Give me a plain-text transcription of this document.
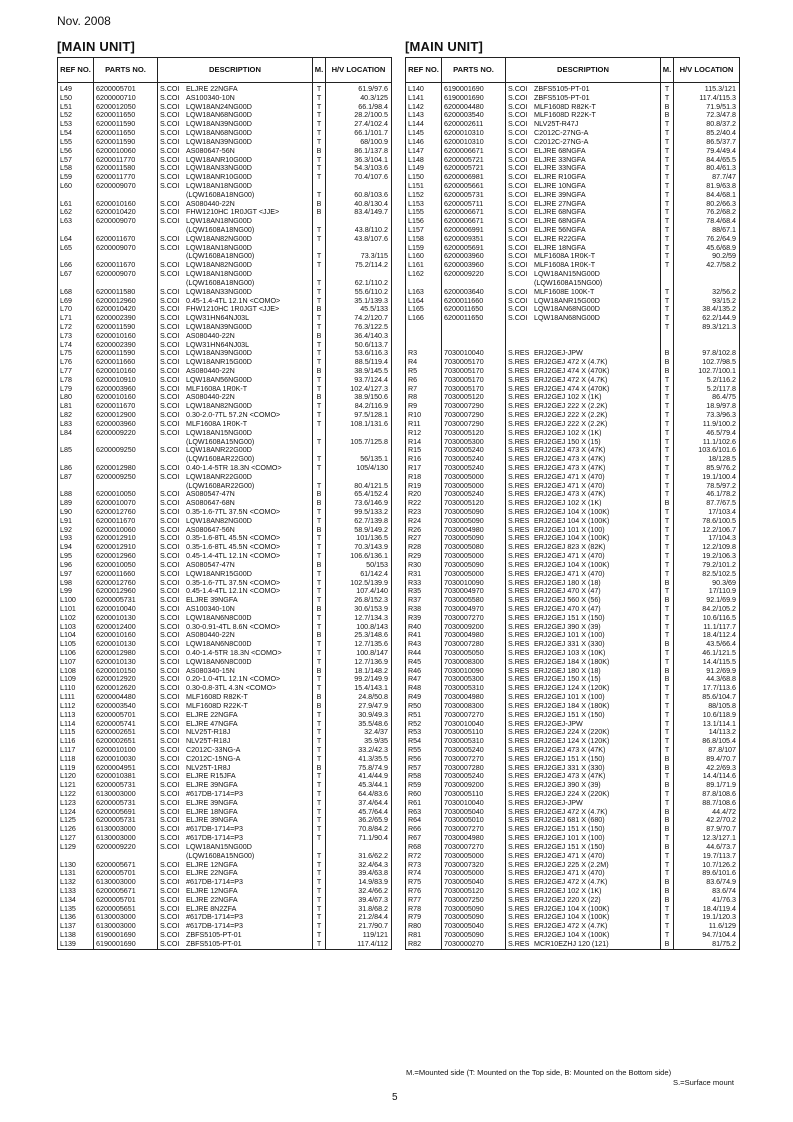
Nov. 2008
[MAIN UNIT]	[MAIN UNIT]
REF NO.	PARTS NO.	DESCRIPTION	M.	H/V LOCATION
L49	6200005701	S.COI ELJRE 22NGFA	T	61.9/97.6
L50	6200000710	S.COI AS100340-10N	T	40.3/125
L51	6200012050	S.COI LQW18AN24NG00D	T	66.1/98.4
L52	6200011650	S.COI LQW18AN68NG00D	T	28.2/100.5
L53	6200011590	S.COI LQW18AN39NG00D	T	27.4/102.4
L54	6200011650	S.COI LQW18AN68NG00D	T	66.1/101.7
L55	6200011590	S.COI LQW18AN39NG00D	T	68/100.9
L56	6200010060	S.COI AS080647-56N	B	86.1/137.8
L57	6200011770	S.COI LQW18ANR10G00D	T	36.3/104.1
L58	6200011580	S.COI LQW18AN33NG00D	T	54.3/103.6
L59	6200011770	S.COI LQW18ANR10G00D	T	70.4/107.6
L60	6200009070	S.COI LQW18AN18NG00D		
		(LQW1608A18NG00)	T	60.8/103.6
L61	6200010160	S.COI AS080440-22N	B	40.8/130.4
L62	6200010420	S.COI FHW1210HC 1R0JGT <JJE>	B	83.4/149.7
L63	6200009070	S.COI LQW18AN18NG00D		
		(LQW1608A18NG00)	T	43.8/110.2
L64	6200011670	S.COI LQW18AN82NG00D	T	43.8/107.6
L65	6200009070	S.COI LQW18AN18NG00D		
		(LQW1608A18NG00)	T	73.3/115
L66	6200011670	S.COI LQW18AN82NG00D	T	75.2/114.2
L67	6200009070	S.COI LQW18AN18NG00D		
		(LQW1608A18NG00)	T	62.1/110.2
L68	6200011580	S.COI LQW18AN33NG00D	T	55.6/110.2
L69	6200012960	S.COI 0.45-1.4-4TL 12.1N <COMO>	T	35.1/139.3
L70	6200010420	S.COI FHW1210HC 1R0JGT <JJE>	B	45.5/133
L71	6200002390	S.COI LQW31HN64NJ03L	T	74.2/120.7
L72	6200011590	S.COI LQW18AN39NG00D	T	76.3/122.5
L73	6200010160	S.COI AS080440-22N	B	36.4/140.3
L74	6200002390	S.COI LQW31HN64NJ03L	T	50.6/113.7
L75	6200011590	S.COI LQW18AN39NG00D	T	53.6/116.3
L76	6200011660	S.COI LQW18ANR15G00D	T	88.5/119.4
L77	6200010160	S.COI AS080440-22N	B	38.9/145.5
L78	6200010910	S.COI LQW18AN56NG00D	T	93.7/124.4
L79	6200003960	S.COI MLF1608A 1R0K-T	T	102.4/127.3
L80	6200010160	S.COI AS080440-22N	B	38.9/150.6
L81	6200011670	S.COI LQW18AN82NG00D	T	84.2/116.9
L82	6200012900	S.COI 0.30-2.0-7TL 57.2N <COMO>	T	97.5/128.1
L83	6200003960	S.COI MLF1608A 1R0K-T	T	108.1/131.6
L84	6200009220	S.COI LQW18AN15NG00D		
		(LQW1608A15NG00)	T	105.7/125.8
L85	6200009250	S.COI LQW18ANR22G00D		
		(LQW1608AR22G00)	T	56/135.1
L86	6200012980	S.COI 0.40-1.4-5TR 18.3N <COMO>	T	105/4/130
L87	6200009250	S.COI LQW18ANR22G00D		
		(LQW1608AR22G00)	T	80.4/121.5
L88	6200010050	S.COI AS080547-47N	B	65.4/152.4
L89	6200010070	S.COI AS080647-68N	B	73.6/146.9
L90	6200012760	S.COI 0.35-1.6-7TL 37.5N <COMO>	T	99.5/133.2
L91	6200011670	S.COI LQW18AN82NG00D	T	62.7/139.8
L92	6200010060	S.COI AS080647-56N	B	58.9/149.2
L93	6200012910	S.COI 0.35-1.6-8TL 45.5N <COMO>	T	101/136.5
L94	6200012910	S.COI 0.35-1.6-8TL 45.5N <COMO>	T	70.3/143.9
L95	6200012960	S.COI 0.45-1.4-4TL 12.1N <COMO>	T	106.6/136.1
L96	6200010050	S.COI AS080547-47N	B	50/153
L97	6200011660	S.COI LQW18ANR15G00D	T	61/142.4
L98	6200012760	S.COI 0.35-1.6-7TL 37.5N <COMO>	T	102.5/139.9
L99	6200012960	S.COI 0.45-1.4-4TL 12.1N <COMO>	T	107.4/140
L100	6200005731	S.COI ELJRE 39NGFA	T	26.8/152.3
L101	6200010040	S.COI AS100340-10N	B	30.6/153.9
L102	6200010130	S.COI LQW18AN6N8C00D	T	12.7/134.3
L103	6200012400	S.COI 0.30-0.91-4TL 8.6N <COMO>	T	100.8/143
L104	6200010160	S.COI AS080440-22N	B	25.3/148.6
L105	6200010130	S.COI LQW18AN6N8C00D	T	12.7/135.6
L106	6200012980	S.COI 0.40-1.4-5TR 18.3N <COMO>	T	100.8/147
L107	6200010130	S.COI LQW18AN6N8C00D	T	12.7/136.9
L108	6200010150	S.COI AS080340-15N	B	18.1/148.2
L109	6200012920	S.COI 0.20-1.0-4TL 12.1N <COMO>	T	99.2/149.9
L110	6200012620	S.COI 0.30-0.8-3TL 4.3N <COMO>	T	15.4/143.1
L111	6200004480	S.COI MLF1608D R82K-T	B	24.8/50.8
L112	6200003540	S.COI MLF1608D R22K-T	B	27.9/47.9
L113	6200005701	S.COI ELJRE 22NGFA	T	30.9/49.3
L114	6200005741	S.COI ELJRE 47NGFA	T	35.5/48.6
L115	6200002651	S.COI NLV25T-R18J	T	32.4/37
L116	6200002651	S.COI NLV25T-R18J	T	35.9/35
L117	6200010100	S.COI C2012C-33NG-A	T	33.2/42.3
L118	6200010030	S.COI C2012C-15NG-A	T	41.3/35.5
L119	6200004951	S.COI NLV25T-1R8J	B	75.8/74.9
L120	6200010381	S.COI ELJRE R15JFA	T	41.4/44.9
L121	6200005731	S.COI ELJRE 39NGFA	T	45.3/44.1
L122	6130003000	S.COI #617DB-1714=P3	T	64.4/83.6
L123	6200005731	S.COI ELJRE 39NGFA	T	37.4/64.4
L124	6200005691	S.COI ELJRE 18NGFA	T	45.7/64.4
L125	6200005731	S.COI ELJRE 39NGFA	T	36.2/65.9
L126	6130003000	S.COI #617DB-1714=P3	T	70.8/84.2
L127	6130003000	S.COI #617DB-1714=P3	T	71.1/90.4
L129	6200009220	S.COI LQW18AN15NG00D		
		(LQW1608A15NG00)	T	31.6/62.2
L130	6200005671	S.COI ELJRE 12NGFA	T	32.4/64.3
L131	6200005701	S.COI ELJRE 22NGFA	T	39.4/63.8
L132	6130003000	S.COI #617DB-1714=P3	T	14.9/83.9
L133	6200005671	S.COI ELJRE 12NGFA	T	32.4/66.2
L134	6200005701	S.COI ELJRE 22NGFA	T	39.4/67.3
L135	6200005651	S.COI ELJRE 8N2ZFA	T	31.8/68.2
L136	6130003000	S.COI #617DB-1714=P3	T	21.2/84.4
L137	6130003000	S.COI #617DB-1714=P3	T	21.7/90.7
L138	6190001690	S.COI ZBFS5105-PT-01	T	119/121
L139	6190001690	S.COI ZBFS5105-PT-01	T	117.4/112
REF NO.	PARTS NO.	DESCRIPTION	M.	H/V LOCATION
L140	6190001690	S.COI ZBFS5105-PT-01	T	115.3/121
L141	6190001690	S.COI ZBFS5105-PT-01	T	117.4/115.3
L142	6200004480	S.COI MLF1608D R82K-T	B	71.9/51.3
L143	6200003540	S.COI MLF1608D R22K-T	B	72.3/47.8
L144	6200002611	S.COI NLV25T-R47J	T	80.8/37.2
L145	6200010310	S.COI C2012C-27NG-A	T	85.2/40.4
L146	6200010310	S.COI C2012C-27NG-A	T	86.5/37.7
L147	6200006671	S.COI ELJRE 68NGFA	T	79.4/49.4
L148	6200005721	S.COI ELJRE 33NGFA	T	84.4/65.5
L149	6200005721	S.COI ELJRE 33NGFA	T	80.4/61.3
L150	6200006981	S.COI ELJRE R10GFA	T	87.7/47
L151	6200005661	S.COI ELJRE 10NGFA	T	81.9/63.8
L152	6200005731	S.COI ELJRE 39NGFA	T	84.4/68.1
L153	6200005711	S.COI ELJRE 27NGFA	T	80.2/66.3
L155	6200006671	S.COI ELJRE 68NGFA	T	76.2/68.2
L156	6200006671	S.COI ELJRE 68NGFA	T	78.4/68.4
L157	6200006991	S.COI ELJRE 56NGFA	T	88/67.1
L158	6200009351	S.COI ELJRE R22GFA	T	76.2/64.9
L159	6200005691	S.COI ELJRE 18NGFA	T	45.6/68.9
L160	6200003960	S.COI MLF1608A 1R0K-T	T	90.2/59
L161	6200003960	S.COI MLF1608A 1R0K-T	T	42.7/58.2
L162	6200009220	S.COI LQW18AN15NG00D		
		(LQW1608A15NG00)		
L163	6200003640	S.COI MLF1608E 100K-T	T	32/56.2
L164	6200011660	S.COI LQW18ANR15G00D	T	93/15.2
L165	6200011650	S.COI LQW18AN68NG00D	T	38.4/135.2
L166	6200011650	S.COI LQW18AN68NG00D	T	62.2/144.9
			T	89.3/121.3

R3	7030010040	S.RES ERJ2GEJ-JPW	B	97.8/102.8
R4	7030005170	S.RES ERJ2GEJ 472 X (4.7K)	B	102.7/98.5
R5	7030005170	S.RES ERJ2GEJ 474 X (470K)	B	102.7/100.1
R6	7030005170	S.RES ERJ2GEJ 472 X (4.7K)	T	5.2/116.2
R7	7030005170	S.RES ERJ2GEJ 474 X (470K)	T	5.2/117.8
R8	7030005120	S.RES ERJ2GEJ 102 X (1K)	T	86.4/75
R9	7030007290	S.RES ERJ2GEJ 222 X (2.2K)	T	18.9/97.8
R10	7030007290	S.RES ERJ2GEJ 222 X (2.2K)	T	73.3/96.3
R11	7030007290	S.RES ERJ2GEJ 222 X (2.2K)	T	11.9/100.2
R12	7030005120	S.RES ERJ2GEJ 102 X (1K)	T	46.5/79.4
R14	7030005300	S.RES ERJ2GEJ 150 X (15)	T	11.1/102.6
R15	7030005240	S.RES ERJ2GEJ 473 X (47K)	T	103.6/101.6
R16	7030005240	S.RES ERJ2GEJ 473 X (47K)	T	18/128.5
R17	7030005240	S.RES ERJ2GEJ 473 X (47K)	T	85.9/76.2
R18	7030005000	S.RES ERJ2GEJ 471 X (470)	T	19.1/100.4
R19	7030005000	S.RES ERJ2GEJ 471 X (470)	T	78.5/97.2
R20	7030005240	S.RES ERJ2GEJ 473 X (47K)	T	46.1/78.2
R22	7030005120	S.RES ERJ2GEJ 102 X (1K)	B	87.7/67.5
R23	7030005090	S.RES ERJ2GEJ 104 X (100K)	T	17/103.4
R24	7030005090	S.RES ERJ2GEJ 104 X (100K)	T	78.6/100.5
R26	7030004980	S.RES ERJ2GEJ 101 X (100)	T	12.2/106.7
R27	7030005090	S.RES ERJ2GEJ 104 X (100K)	T	17/104.3
R28	7030005080	S.RES ERJ2GEJ 823 X (82K)	T	12.2/109.8
R29	7030005000	S.RES ERJ2GEJ 471 X (470)	T	19.2/106.3
R30	7030005090	S.RES ERJ2GEJ 104 X (100K)	T	79.2/101.2
R31	7030005000	S.RES ERJ2GEJ 471 X (470)	T	82.5/102.5
R33	7030010090	S.RES ERJ2GEJ 180 X (18)	B	90.3/69
R35	7030004970	S.RES ERJ2GEJ 470 X (47)	T	17/110.9
R37	7030005580	S.RES ERJ2GEJ 560 X (56)	B	92.1/69.9
R38	7030004970	S.RES ERJ2GEJ 470 X (47)	T	84.2/105.2
R39	7030007270	S.RES ERJ2GEJ 151 X (150)	T	10.6/116.5
R40	7030009200	S.RES ERJ2GEJ 390 X (39)	T	11.1/117.7
R41	7030004980	S.RES ERJ2GEJ 101 X (100)	T	18.4/112.4
R43	7030007280	S.RES ERJ2GEJ 331 X (330)	B	43.5/66.4
R44	7030005050	S.RES ERJ2GEJ 103 X (10K)	T	46.1/121.5
R45	7030008300	S.RES ERJ2GEJ 184 X (180K)	T	14.4/115.5
R46	7030010090	S.RES ERJ2GEJ 180 X (18)	B	91.2/69.9
R47	7030005300	S.RES ERJ2GEJ 150 X (15)	B	44.3/68.8
R48	7030005310	S.RES ERJ2GEJ 124 X (120K)	T	17.7/113.6
R49	7030004980	S.RES ERJ2GEJ 101 X (100)	T	85.6/104.7
R50	7030008300	S.RES ERJ2GEJ 184 X (180K)	T	88/105.8
R51	7030007270	S.RES ERJ2GEJ 151 X (150)	T	10.6/118.9
R52	7030010040	S.RES ERJ2GEJ-JPW	T	13.1/114.1
R53	7030005110	S.RES ERJ2GEJ 224 X (220K)	T	14/113.2
R54	7030005310	S.RES ERJ2GEJ 124 X (120K)	T	86.8/105.4
R55	7030005240	S.RES ERJ2GEJ 473 X (47K)	T	87.8/107
R56	7030007270	S.RES ERJ2GEJ 151 X (150)	B	89.4/70.7
R57	7030007280	S.RES ERJ2GEJ 331 X (330)	B	42.2/69.3
R58	7030005240	S.RES ERJ2GEJ 473 X (47K)	T	14.4/114.6
R59	7030009200	S.RES ERJ2GEJ 390 X (39)	B	89.1/71.9
R60	7030005110	S.RES ERJ2GEJ 224 X (220K)	T	87.8/108.6
R61	7030010040	S.RES ERJ2GEJ-JPW	T	88.7/108.6
R63	7030005040	S.RES ERJ2GEJ 472 X (4.7K)	B	44.4/72
R64	7030005010	S.RES ERJ2GEJ 681 X (680)	B	42.2/70.2
R66	7030007270	S.RES ERJ2GEJ 151 X (150)	B	87.9/70.7
R67	7030004980	S.RES ERJ2GEJ 101 X (100)	T	12.3/127.1
R68	7030007270	S.RES ERJ2GEJ 151 X (150)	B	44.6/73.7
R72	7030005000	S.RES ERJ2GEJ 471 X (470)	T	19.7/113.7
R73	7030007320	S.RES ERJ2GEJ 225 X (2.2M)	T	10.7/126.2
R74	7030005000	S.RES ERJ2GEJ 471 X (470)	T	89.6/101.6
R75	7030005040	S.RES ERJ2GEJ 472 X (4.7K)	B	83.6/74.9
R76	7030005120	S.RES ERJ2GEJ 102 X (1K)	B	83.6/74
R77	7030007250	S.RES ERJ2GEJ 220 X (22)	B	41/76.3
R78	7030005090	S.RES ERJ2GEJ 104 X (100K)	T	18.4/119.4
R79	7030005090	S.RES ERJ2GEJ 104 X (100K)	T	19.1/120.3
R80	7030005040	S.RES ERJ2GEJ 472 X (4.7K)	T	11.6/129
R81	7030005090	S.RES ERJ2GEJ 104 X (100K)	T	94.7/104.4
R82	7030000270	S.RES MCR10EZHJ 120 (121)	B	81/75.2
M.=Mounted side (T: Mounted on the Top side, B: Mounted on the Bottom side)
S.=Surface mount
5
